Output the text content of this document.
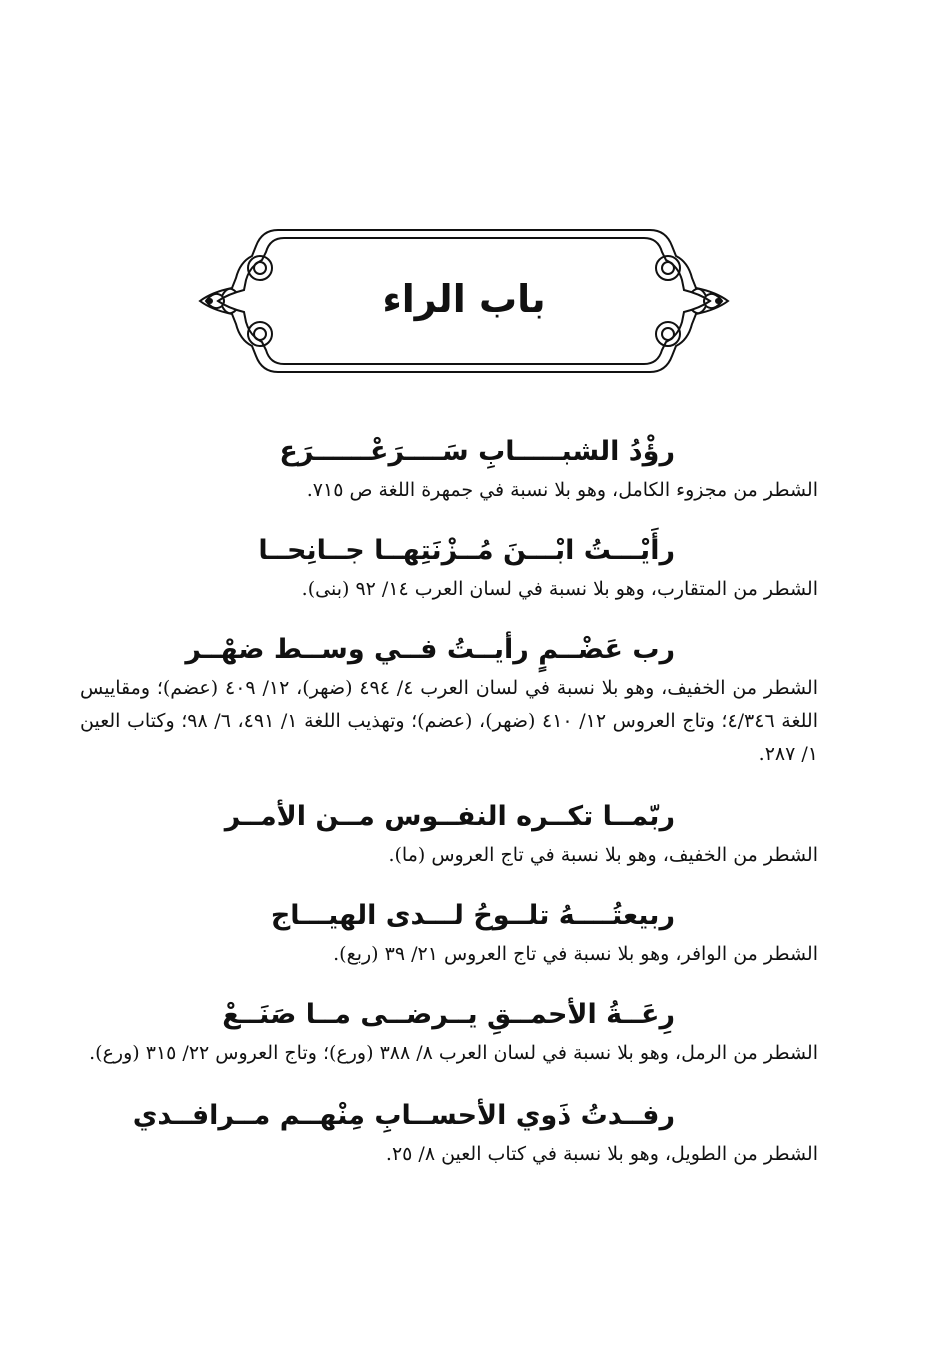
باب الراء
رؤْدُ الشبـــــابِ سَــــرَعْــــــرَع
الشطر من مجزوء الكامل، وهو بلا نسبة في جمهرة اللغة ص ٧١٥.
رأَيْـــتُ ابْـــنَ مُــزْنَتِهــا جــانِحــا
الشطر من المتقارب، وهو بلا نسبة في لسان العرب ١٤/ ٩٢ (بنى).
رب عَضْــمٍ رأيــتُ فــي وســط ضهْــر
الشطر من الخفيف، وهو بلا نسبة في لسان العرب ٤/ ٤٩٤ (ضهر)، ١٢/ ٤٠٩ (عضم)؛ ومقاييس اللغة ٤/٣٤٦؛ وتاج العروس ١٢/ ٤١٠ (ضهر)، (عضم)؛ وتهذيب اللغة ١/ ٤٩١، ٦/ ٩٨؛ وكتاب العين ١/ ٢٨٧.
ربّمــا تكــره النفــوس مــن الأمــر
الشطر من الخفيف، وهو بلا نسبة في تاج العروس (ما).
ربيعتُــــهُ تلــوحُ لـــدى الهيـــاج
الشطر من الوافر، وهو بلا نسبة في تاج العروس ٢١/ ٣٩ (ربع).
رِعَــةُ الأحمــقِ يــرضــى مــا صَنَــعْ
الشطر من الرمل، وهو بلا نسبة في لسان العرب ٨/ ٣٨٨ (ورع)؛ وتاج العروس ٢٢/ ٣١٥ (ورع).
رفــدتُ ذَوي الأحســابِ مِنْهــم مــرافــدي
الشطر من الطويل، وهو بلا نسبة في كتاب العين ٨/ ٢٥.
